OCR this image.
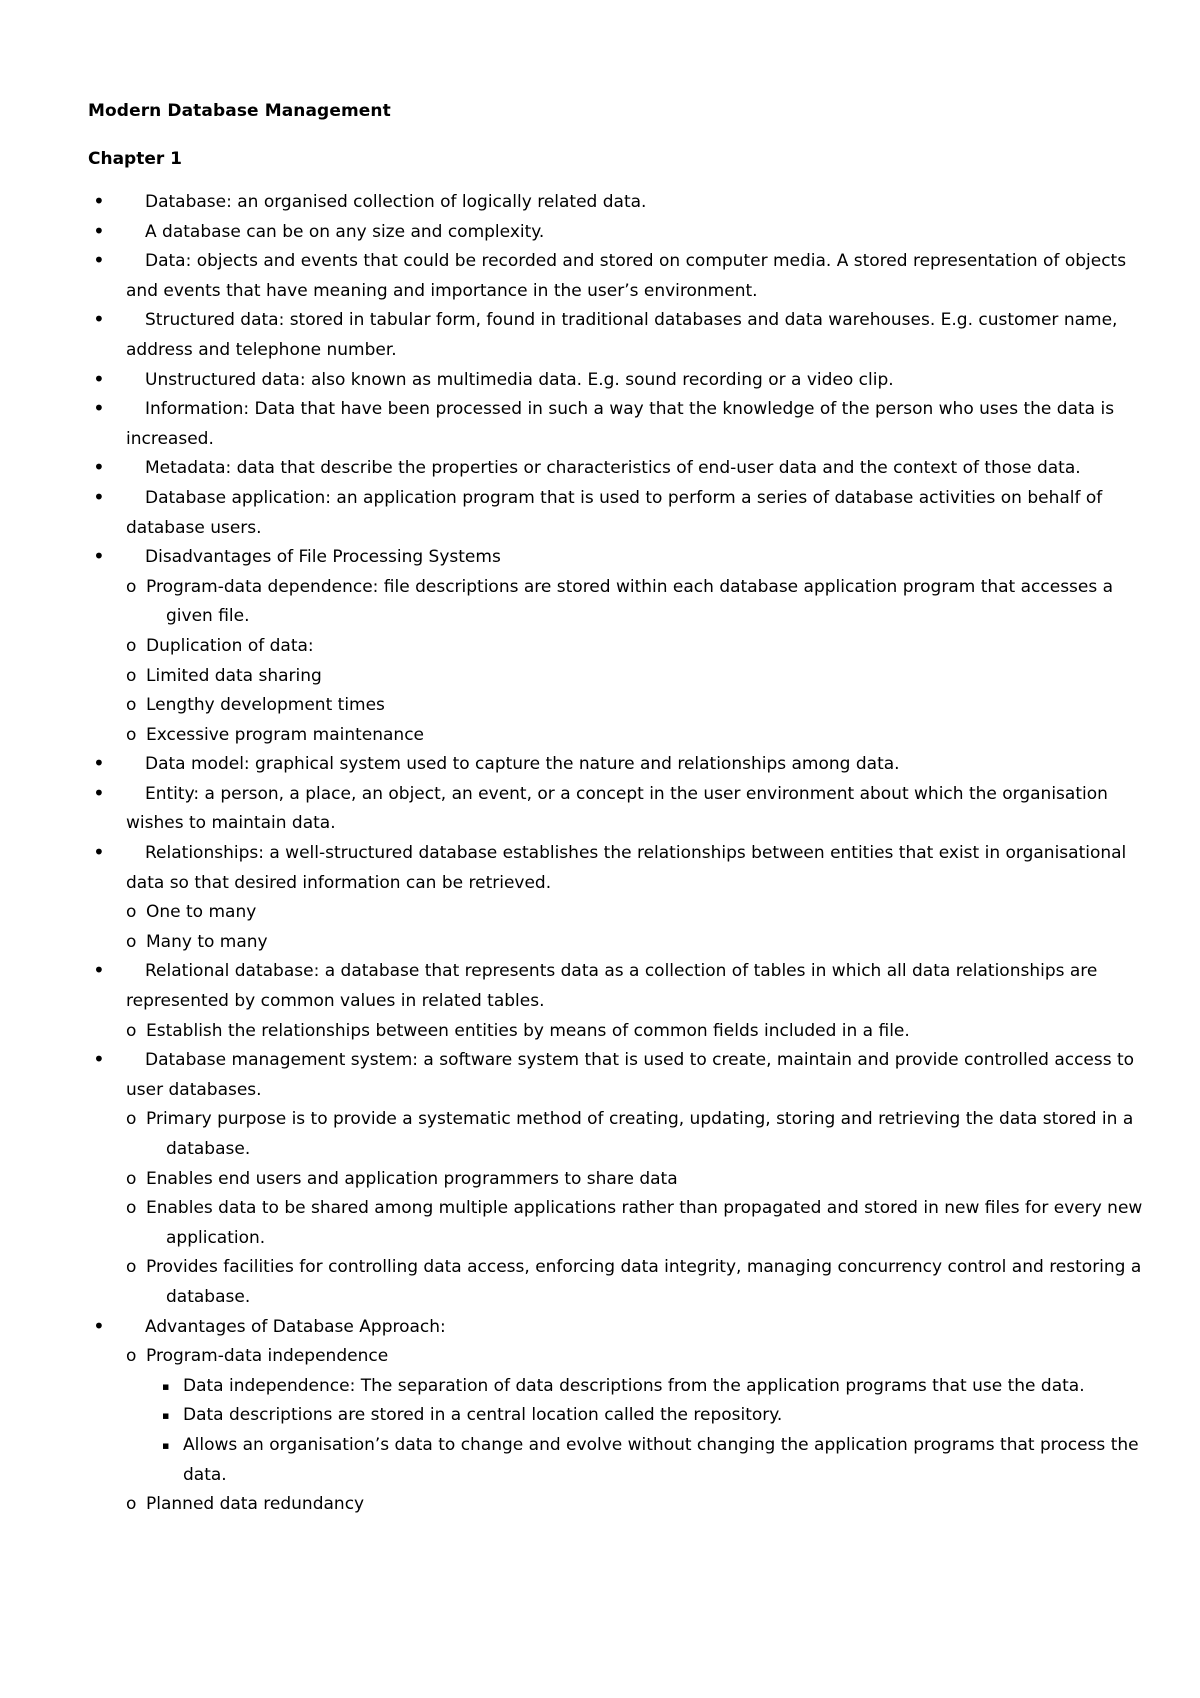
Modern Database Management
Chapter 1
•	Database: an organised collection of logically related data.
•	A database can be on any size and complexity.
•	Data: objects and events that could be recorded and stored on computer media. A stored representation of objects and events that have meaning and importance in the user’s environment.
•	Structured data: stored in tabular form, found in traditional databases and data warehouses. E.g. customer name, address and telephone number.
•	Unstructured data: also known as multimedia data. E.g. sound recording or a video clip.
•	Information: Data that have been processed in such a way that the knowledge of the person who uses the data is increased.
•	Metadata: data that describe the properties or characteristics of end-user data and the context of those data.
•	Database application: an application program that is used to perform a series of database activities on behalf of database users.
•	Disadvantages of File Processing Systems
o Program-data dependence: file descriptions are stored within each database application program that accesses a given file.
o Duplication of data:
o Limited data sharing
o Lengthy development times
o Excessive program maintenance
•	Data model: graphical system used to capture the nature and relationships among data.
•	Entity: a person, a place, an object, an event, or a concept in the user environment about which the organisation wishes to maintain data.
•	Relationships: a well-structured database establishes the relationships between entities that exist in organisational data so that desired information can be retrieved.
o One to many
o Many to many
•	Relational database: a database that represents data as a collection of tables in which all data relationships are represented by common values in related tables.
o Establish the relationships between entities by means of common fields included in a file.
•	Database management system: a software system that is used to create, maintain and provide controlled access to user databases.
o Primary purpose is to provide a systematic method of creating, updating, storing and retrieving the data stored in a database.
o Enables end users and application programmers to share data
o Enables data to be shared among multiple applications rather than propagated and stored in new files for every new application.
o Provides facilities for controlling data access, enforcing data integrity, managing concurrency control and restoring a database.
•	Advantages of Database Approach:
o Program-data independence
▪ Data independence: The separation of data descriptions from the application programs that use the data.
▪ Data descriptions are stored in a central location called the repository.
▪ Allows an organisation’s data to change and evolve without changing the application programs that process the data.
o Planned data redundancy
